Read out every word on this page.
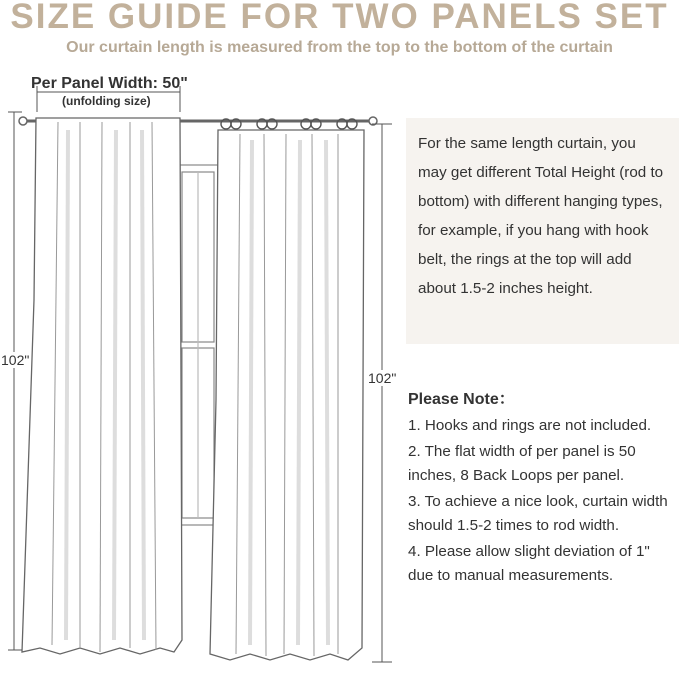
SIZE GUIDE FOR TWO PANELS SET
Our curtain length is measured from the top to the bottom of the curtain
Per Panel Width: 50"
(unfolding size)
102"
102"

For the same length curtain, you may get different Total Height (rod to bottom) with different hanging types, for example, if you hang with hook belt, the rings at the top will add about 1.5-2 inches height.

Please Note：
1. Hooks and rings are not included.
2. The flat width of per panel is 50 inches, 8 Back Loops per panel.
3. To achieve a nice look, curtain width should 1.5-2 times to rod width.
4. Please allow slight deviation of 1" due to manual measurements.
